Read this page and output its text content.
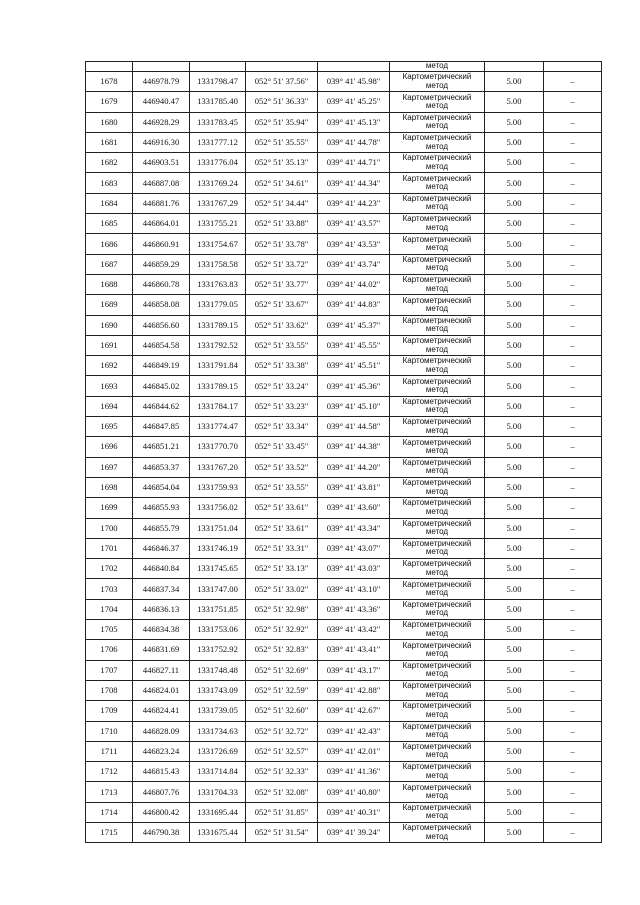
					метод		
1678	446978.79	1331798.47	052° 51' 37.56"	039° 41' 45.98"	Картометрический
метод	5.00	–
1679	446940.47	1331785.40	052° 51' 36.33"	039° 41' 45.25"	Картометрический
метод	5.00	–
1680	446928.29	1331783.45	052° 51' 35.94"	039° 41' 45.13"	Картометрический
метод	5.00	–
1681	446916.30	1331777.12	052° 51' 35.55"	039° 41' 44.78"	Картометрический
метод	5.00	–
1682	446903.51	1331776.04	052° 51' 35.13"	039° 41' 44.71"	Картометрический
метод	5.00	–
1683	446887.08	1331769.24	052° 51' 34.61"	039° 41' 44.34"	Картометрический
метод	5.00	–
1684	446881.76	1331767.29	052° 51' 34.44"	039° 41' 44.23"	Картометрический
метод	5.00	–
1685	446864.01	1331755.21	052° 51' 33.88"	039° 41' 43.57"	Картометрический
метод	5.00	–
1686	446860.91	1331754.67	052° 51' 33.78"	039° 41' 43.53"	Картометрический
метод	5.00	–
1687	446859.29	1331758.58	052° 51' 33.72"	039° 41' 43.74"	Картометрический
метод	5.00	–
1688	446860.78	1331763.83	052° 51' 33.77"	039° 41' 44.02"	Картометрический
метод	5.00	–
1689	446858.08	1331779.05	052° 51' 33.67"	039° 41' 44.83"	Картометрический
метод	5.00	–
1690	446856.60	1331789.15	052° 51' 33.62"	039° 41' 45.37"	Картометрический
метод	5.00	–
1691	446854.58	1331792.52	052° 51' 33.55"	039° 41' 45.55"	Картометрический
метод	5.00	–
1692	446849.19	1331791.84	052° 51' 33.38"	039° 41' 45.51"	Картометрический
метод	5.00	–
1693	446845.02	1331789.15	052° 51' 33.24"	039° 41' 45.36"	Картометрический
метод	5.00	–
1694	446844.62	1331784.17	052° 51' 33.23"	039° 41' 45.10"	Картометрический
метод	5.00	–
1695	446847.85	1331774.47	052° 51' 33.34"	039° 41' 44.58"	Картометрический
метод	5.00	–
1696	446851.21	1331770.70	052° 51' 33.45"	039° 41' 44.38"	Картометрический
метод	5.00	–
1697	446853.37	1331767.20	052° 51' 33.52"	039° 41' 44.20"	Картометрический
метод	5.00	–
1698	446854.04	1331759.93	052° 51' 33.55"	039° 41' 43.81"	Картометрический
метод	5.00	–
1699	446855.93	1331756.02	052° 51' 33.61"	039° 41' 43.60"	Картометрический
метод	5.00	–
1700	446855.79	1331751.04	052° 51' 33.61"	039° 41' 43.34"	Картометрический
метод	5.00	–
1701	446846.37	1331746.19	052° 51' 33.31"	039° 41' 43.07"	Картометрический
метод	5.00	–
1702	446840.84	1331745.65	052° 51' 33.13"	039° 41' 43.03"	Картометрический
метод	5.00	–
1703	446837.34	1331747.00	052° 51' 33.02"	039° 41' 43.10"	Картометрический
метод	5.00	–
1704	446836.13	1331751.85	052° 51' 32.98"	039° 41' 43.36"	Картометрический
метод	5.00	–
1705	446834.38	1331753.06	052° 51' 32.92"	039° 41' 43.42"	Картометрический
метод	5.00	–
1706	446831.69	1331752.92	052° 51' 32.83"	039° 41' 43.41"	Картометрический
метод	5.00	–
1707	446827.11	1331748.48	052° 51' 32.69"	039° 41' 43.17"	Картометрический
метод	5.00	–
1708	446824.01	1331743.09	052° 51' 32.59"	039° 41' 42.88"	Картометрический
метод	5.00	–
1709	446824.41	1331739.05	052° 51' 32.60"	039° 41' 42.67"	Картометрический
метод	5.00	–
1710	446828.09	1331734.63	052° 51' 32.72"	039° 41' 42.43"	Картометрический
метод	5.00	–
1711	446823.24	1331726.69	052° 51' 32.57"	039° 41' 42.01"	Картометрический
метод	5.00	–
1712	446815.43	1331714.84	052° 51' 32.33"	039° 41' 41.36"	Картометрический
метод	5.00	–
1713	446807.76	1331704.33	052° 51' 32.08"	039° 41' 40.80"	Картометрический
метод	5.00	–
1714	446800.42	1331695.44	052° 51' 31.85"	039° 41' 40.31"	Картометрический
метод	5.00	–
1715	446790.38	1331675.44	052° 51' 31.54"	039° 41' 39.24"	Картометрический
метод	5.00	–
